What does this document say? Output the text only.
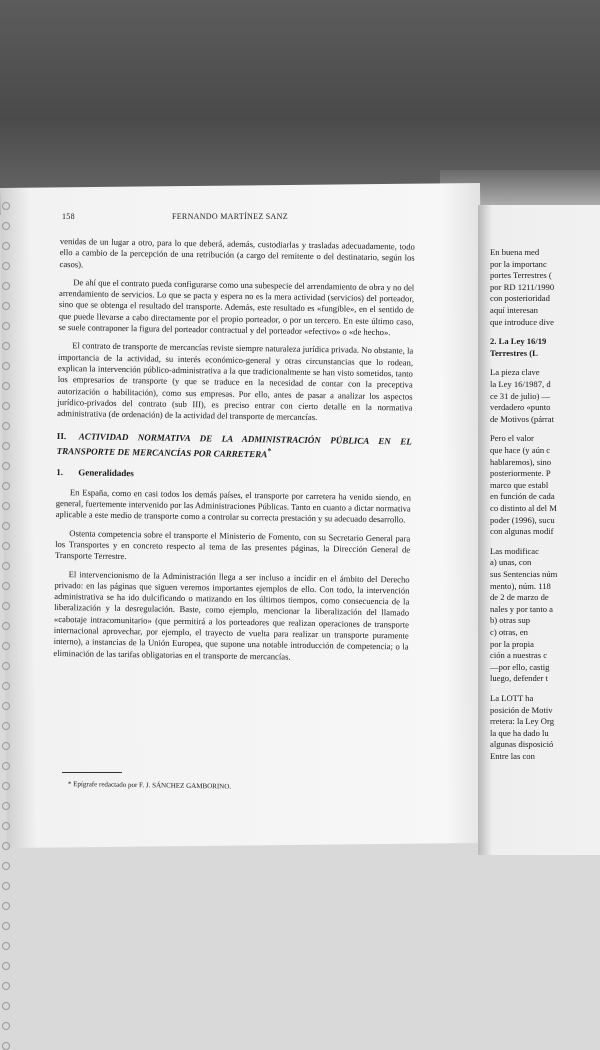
158	FERNANDO MARTÍNEZ SANZ

venidas de un lugar a otro, para lo que deberá, además, custodiarlas y trasladas adecuadamente, todo ello a cambio de la percepción de una retribución (a cargo del remitente o del destinatario, según los casos).

De ahí que el contrato pueda configurarse como una subespecie del arrendamiento de obra y no del arrendamiento de servicios. Lo que se pacta y espera no es la mera actividad (servicios) del porteador, sino que se obtenga el resultado del transporte. Además, este resultado es «fungible», en el sentido de que puede llevarse a cabo directamente por el propio porteador, o por un tercero. En este último caso, se suele contraponer la figura del porteador contractual y del porteador «efectivo» o «de hecho».

El contrato de transporte de mercancías reviste siempre naturaleza jurídica privada. No obstante, la importancia de la actividad, su interés económico-general y otras circunstancias que lo rodean, explican la intervención público-administrativa a la que tradicionalmente se han visto sometidos, tanto los empresarios de transporte (y que se traduce en la necesidad de contar con la preceptiva autorización o habilitación), como sus empresas. Por ello, antes de pasar a analizar los aspectos jurídico-privados del contrato (sub III), es preciso entrar con cierto detalle en la normativa administrativa (de ordenación) de la actividad del transporte de mercancías.

II. ACTIVIDAD NORMATIVA DE LA ADMINISTRACIÓN PÚBLICA EN EL TRANSPORTE DE MERCANCÍAS POR CARRETERA*
1. Generalidades

En España, como en casi todos los demás países, el transporte por carretera ha venido siendo, en general, fuertemente intervenido por las Administraciones Públicas. Tanto en cuanto a dictar normativa aplicable a este medio de transporte como a controlar su correcta prestación y su adecuado desarrollo.

Ostenta competencia sobre el transporte el Ministerio de Fomento, con su Secretario General para los Transportes y en concreto respecto al tema de las presentes páginas, la Dirección General de Transporte Terrestre.

El intervencionismo de la Administración llega a ser incluso a incidir en el ámbito del Derecho privado: en las páginas que siguen veremos importantes ejemplos de ello. Con todo, la intervención administrativa se ha ido dulcificando o matizando en los últimos tiempos, como consecuencia de la liberalización y la desregulación. Baste, como ejemplo, mencionar la liberalización del llamado «cabotaje intracomunitario» (que permitirá a los porteadores que realizan operaciones de transporte internacional aprovechar, por ejemplo, el trayecto de vuelta para realizar un transporte puramente interno), a instancias de la Unión Europea, que supone una notable introducción de competencia; o la eliminación de las tarifas obligatorias en el transporte de mercancías.

* Epígrafe redactado por F. J. SÁNCHEZ GAMBORINO.
En buena med
por la importanc
portes Terrestres (
por RD 1211/1990
con posterioridad
aquí interesan
que introduce dive
2. La Ley 16/19
Terrestres (L
La pieza clave
la Ley 16/1987, d
ce 31 de julio) —
verdadero «punto
de Motivos (párrat
Pero el valor
que hace (y aún c
hablaremos), sino
posteriormente. P
marco que establ
en función de cada
co distinto al del M
poder (1996), sucu
con algunas modif
Las modificac
a) unas, con
sus Sentencias núm
mento), núm. 118
de 2 de marzo de
nales y por tanto a
b) otras sup
c) otras, en
por la propia
ción a nuestras c
—por ello, castig
luego, defender t
La LOTT ha
posición de Motiv
rretera: la Ley Org
la que ha dado lu
algunas disposició
Entre las con
